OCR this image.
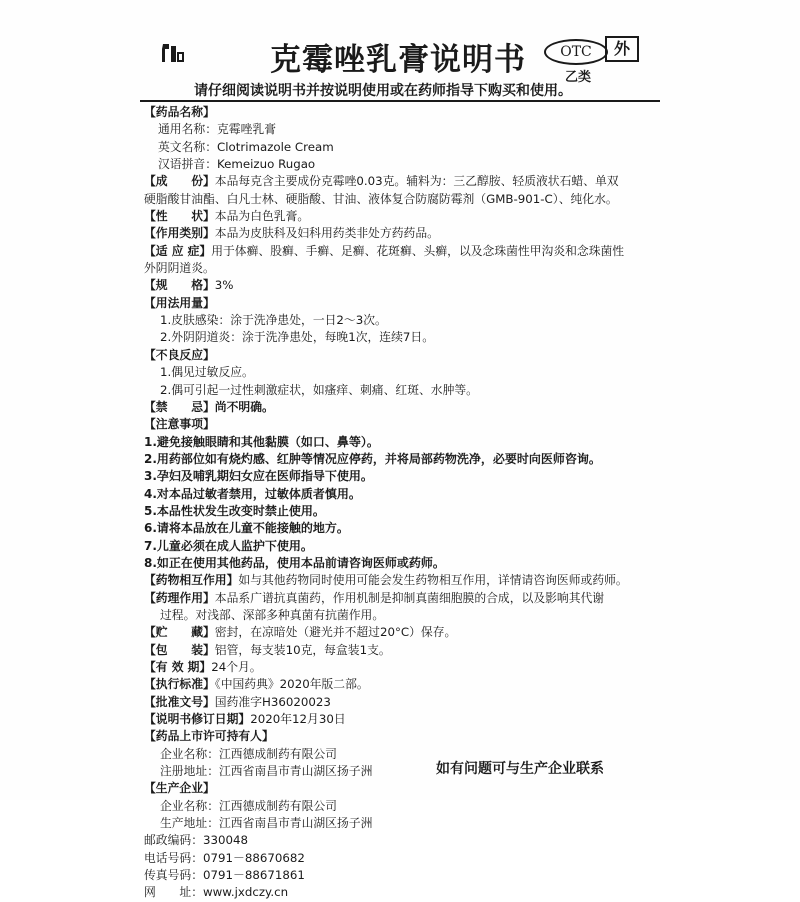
克霉唑乳膏说明书	OTC
乙类
外
请仔细阅读说明书并按说明使用或在药师指导下购买和使用。
【药品名称】
通用名称：克霉唑乳膏
英文名称：Clotrimazole Cream
汉语拼音：Kemeizuo Rugao
【成　　份】本品每克含主要成份克霉唑0.03克。辅料为：三乙醇胺、轻质液状石蜡、单双
硬脂酸甘油酯、白凡士林、硬脂酸、甘油、液体复合防腐防霉剂（GMB-901-C）、纯化水。
【性　　状】本品为白色乳膏。
【作用类别】本品为皮肤科及妇科用药类非处方药药品。
【适 应 症】用于体癣、股癣、手癣、足癣、花斑癣、头癣，以及念珠菌性甲沟炎和念珠菌性
外阴阴道炎。
【规　　格】3%
【用法用量】
1.皮肤感染：涂于洗净患处，一日2～3次。
2.外阴阴道炎：涂于洗净患处，每晚1次，连续7日。
【不良反应】
1.偶见过敏反应。
2.偶可引起一过性刺激症状，如瘙痒、刺痛、红斑、水肿等。
【禁　　忌】尚不明确。
【注意事项】
1.避免接触眼睛和其他黏膜（如口、鼻等）。
2.用药部位如有烧灼感、红肿等情况应停药，并将局部药物洗净，必要时向医师咨询。
3.孕妇及哺乳期妇女应在医师指导下使用。
4.对本品过敏者禁用，过敏体质者慎用。
5.本品性状发生改变时禁止使用。
6.请将本品放在儿童不能接触的地方。
7.儿童必须在成人监护下使用。
8.如正在使用其他药品，使用本品前请咨询医师或药师。
【药物相互作用】如与其他药物同时使用可能会发生药物相互作用，详情请咨询医师或药师。
【药理作用】本品系广谱抗真菌药，作用机制是抑制真菌细胞膜的合成，以及影响其代谢
过程。对浅部、深部多种真菌有抗菌作用。
【贮　　藏】密封，在凉暗处（避光并不超过20°C）保存。
【包　　装】铝管，每支装10克，每盒装1支。
【有 效 期】24个月。
【执行标准】《中国药典》2020年版二部。
【批准文号】国药准字H36020023
【说明书修订日期】2020年12月30日
【药品上市许可持有人】
企业名称：江西德成制药有限公司
注册地址：江西省南昌市青山湖区扬子洲
【生产企业】
企业名称：江西德成制药有限公司
生产地址：江西省南昌市青山湖区扬子洲
邮政编码：330048
电话号码：0791－88670682
传真号码：0791－88671861
网　　址：www.jxdczy.cn
如有问题可与生产企业联系
